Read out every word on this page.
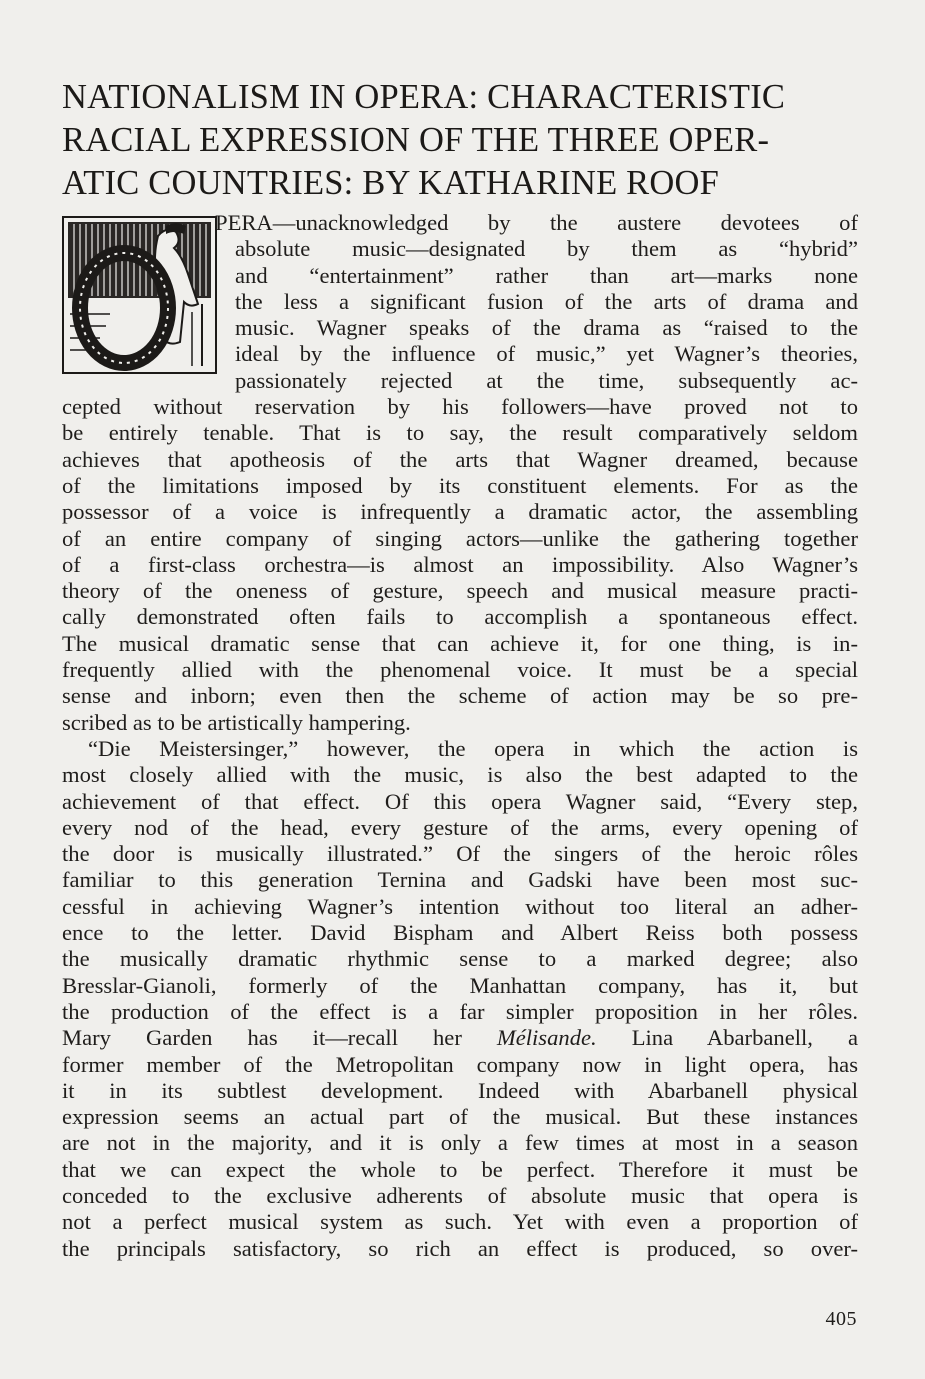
NATIONALISM IN OPERA: CHARACTERISTIC
RACIAL EXPRESSION OF THE THREE OPER-
ATIC COUNTRIES: BY KATHARINE ROOF
PERA—unacknowledged by the austere devotees of
absolute music—designated by them as “hybrid”
and “entertainment” rather than art—marks none
the less a significant fusion of the arts of drama and
music. Wagner speaks of the drama as “raised to the
ideal by the influence of music,” yet Wagner’s theories,
passionately rejected at the time, subsequently ac-
cepted without reservation by his followers—have proved not to
be entirely tenable. That is to say, the result comparatively seldom
achieves that apotheosis of the arts that Wagner dreamed, because
of the limitations imposed by its constituent elements. For as the
possessor of a voice is infrequently a dramatic actor, the assembling
of an entire company of singing actors—unlike the gathering together
of a first-class orchestra—is almost an impossibility. Also Wagner’s
theory of the oneness of gesture, speech and musical measure practi-
cally demonstrated often fails to accomplish a spontaneous effect.
The musical dramatic sense that can achieve it, for one thing, is in-
frequently allied with the phenomenal voice. It must be a special
sense and inborn; even then the scheme of action may be so pre-
scribed as to be artistically hampering.
“Die Meistersinger,” however, the opera in which the action is
most closely allied with the music, is also the best adapted to the
achievement of that effect. Of this opera Wagner said, “Every step,
every nod of the head, every gesture of the arms, every opening of
the door is musically illustrated.” Of the singers of the heroic rôles
familiar to this generation Ternina and Gadski have been most suc-
cessful in achieving Wagner’s intention without too literal an adher-
ence to the letter. David Bispham and Albert Reiss both possess
the musically dramatic rhythmic sense to a marked degree; also
Bresslar-Gianoli, formerly of the Manhattan company, has it, but
the production of the effect is a far simpler proposition in her rôles.
Mary Garden has it—recall her Mélisande. Lina Abarbanell, a
former member of the Metropolitan company now in light opera, has
it in its subtlest development. Indeed with Abarbanell physical
expression seems an actual part of the musical. But these instances
are not in the majority, and it is only a few times at most in a season
that we can expect the whole to be perfect. Therefore it must be
conceded to the exclusive adherents of absolute music that opera is
not a perfect musical system as such. Yet with even a proportion of
the principals satisfactory, so rich an effect is produced, so over-
405
